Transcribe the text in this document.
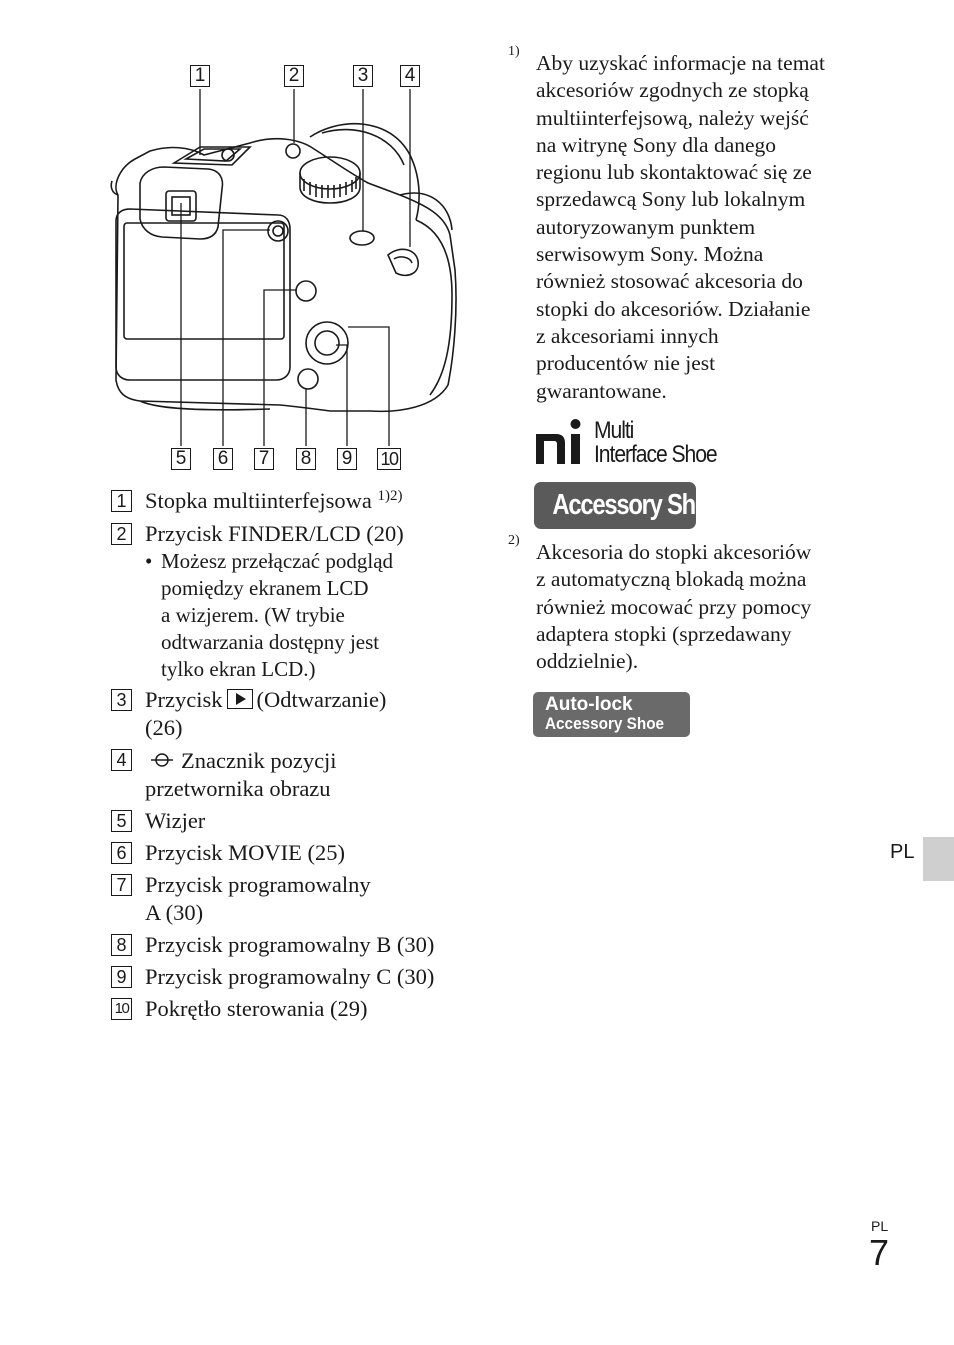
1	2	3 4
5 6 7 8 9 10
1 Stopka multiinterfejsowa $^{1)2)}$
2 Przycisk FINDER/LCD (20)
• Możesz przełączać podgląd
pomiędzy ekranem LCD
a wizjerem. (W trybie
odtwarzania dostępny jest
tylko ekran LCD.)
3 Przycisk (Odtwarzanie)
(26)
4 Znacznik pozycji
przetwornika obrazu
5 Wizjer
6 Przycisk MOVIE (25)
7 Przycisk programowalny
A (30)
8 Przycisk programowalny B (30)
9 Przycisk programowalny C (30)
10 Pokrętło sterowania (29)
1) Aby uzyskać informacje na temat
akcesoriów zgodnych ze stopką
multiinterfejsową, należy wejść
na witrynę Sony dla danego
regionu lub skontaktować się ze
sprzedawcą Sony lub lokalnym
autoryzowanym punktem
serwisowym Sony. Można
również stosować akcesoria do
stopki do akcesoriów. Działanie
z akcesoriami innych
producentów nie jest
gwarantowane.
Multi
Interface Shoe
Accessory Shoe
2) Akcesoria do stopki akcesoriów
z automatyczną blokadą można
również mocować przy pomocy
adaptera stopki (sprzedawany
oddzielnie).
Auto-lock
Accessory Shoe
PL
PL
7
